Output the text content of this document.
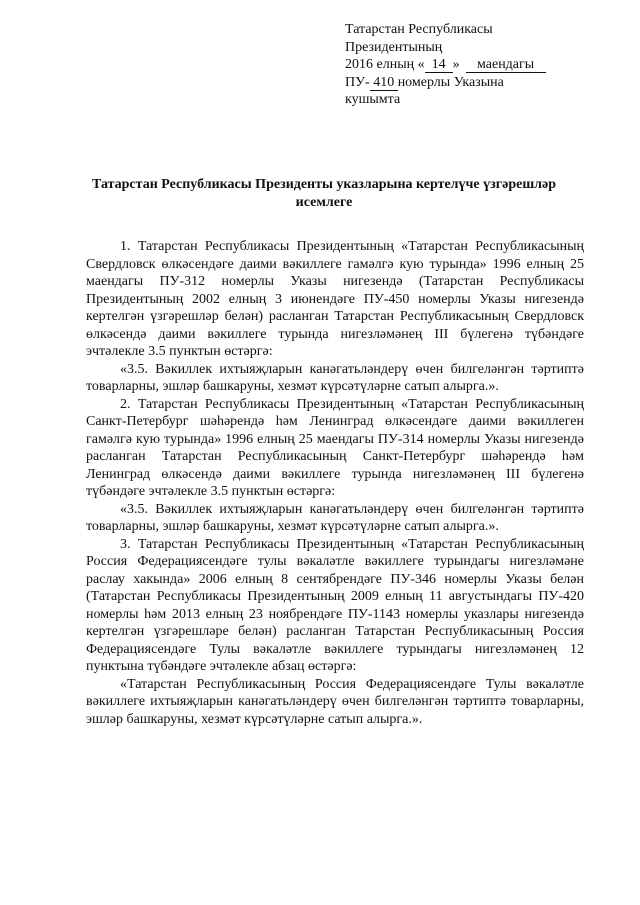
Татарстан Республикасы
Президентының
2016 елның « 14 » маендагы
ПУ- 410 номерлы Указына
кушымта
Татарстан Республикасы Президенты указларына кертелүче үзгәрешләр исемлеге

1. Татарстан Республикасы Президентының «Татарстан Республикасының Свердловск өлкәсендәге даими вәкиллеге гамәлгә кую турында» 1996 елның 25 маендагы ПУ-312 номерлы Указы нигезендә (Татарстан Республикасы Президентының 2002 елның 3 июнендәге ПУ-450 номерлы Указы нигезендә кертелгән үзгәрешләр белән) расланган Татарстан Республикасының Свердловск өлкәсендә даими вәкиллеге турында нигезләмәнең III бүлегенә түбәндәге эчтәлекле 3.5 пунктын өстәргә:

«3.5. Вәкиллек ихтыяҗларын канәгатьләндерү өчен билгеләнгән тәртиптә товарларны, эшләр башкаруны, хезмәт күрсәтүләрне сатып алырга.».

2. Татарстан Республикасы Президентының «Татарстан Республикасының Санкт-Петербург шәһәрендә һәм Ленинград өлкәсендәге даими вәкиллеген гамәлгә кую турында» 1996 елның 25 маендагы ПУ-314 номерлы Указы нигезендә расланган Татарстан Республикасының Санкт-Петербург шәһәрендә һәм Ленинград өлкәсендә даими вәкиллеге турында нигезләмәнең III бүлегенә түбәндәге эчтәлекле 3.5 пунктын өстәргә:

«3.5. Вәкиллек ихтыяҗларын канәгатьләндерү өчен билгеләнгән тәртиптә товарларны, эшләр башкаруны, хезмәт күрсәтүләрне сатып алырга.».

3. Татарстан Республикасы Президентының «Татарстан Республикасының Россия Федерациясендәге тулы вәкаләтле вәкиллеге турындагы нигезләмәне раслау хакында» 2006 елның 8 сентябрендәге ПУ-346 номерлы Указы белән (Татарстан Республикасы Президентының 2009 елның 11 августындагы ПУ-420 номерлы һәм 2013 елның 23 ноябрендәге ПУ-1143 номерлы указлары нигезендә кертелгән үзгәрешләре белән) расланган Татарстан Республикасының Россия Федерациясендәге Тулы вәкаләтле вәкиллеге турындагы нигезләмәнең 12 пунктына түбәндәге эчтәлекле абзац өстәргә:

«Татарстан Республикасының Россия Федерациясендәге Тулы вәкаләтле вәкиллеге ихтыяҗларын канәгатьләндерү өчен билгеләнгән тәртиптә товарларны, эшләр башкаруны, хезмәт күрсәтүләрне сатып алырга.».
